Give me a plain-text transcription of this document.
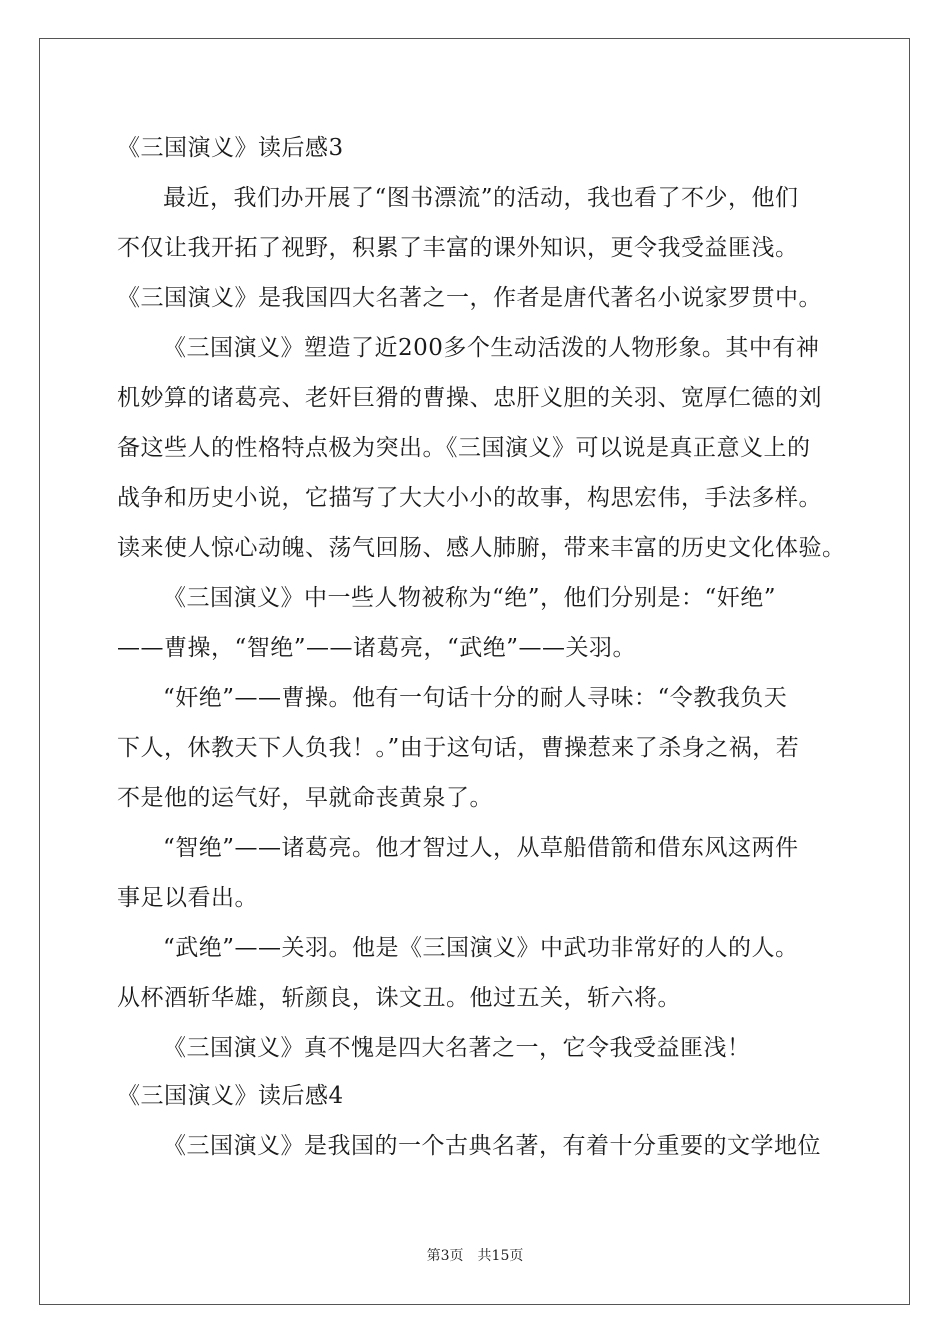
《三国演义》读后感3
最近，我们办开展了“图书漂流”的活动，我也看了不少，他们
不仅让我开拓了视野，积累了丰富的课外知识，更令我受益匪浅。
《三国演义》是我国四大名著之一，作者是唐代著名小说家罗贯中。
《三国演义》塑造了近200多个生动活泼的人物形象。其中有神
机妙算的诸葛亮、老奸巨猾的曹操、忠肝义胆的关羽、宽厚仁德的刘
备这些人的性格特点极为突出。《三国演义》可以说是真正意义上的
战争和历史小说，它描写了大大小小的故事，构思宏伟，手法多样。
读来使人惊心动魄、荡气回肠、感人肺腑，带来丰富的历史文化体验。
《三国演义》中一些人物被称为“绝”，他们分别是：“奸绝”
——曹操，“智绝”——诸葛亮，“武绝”——关羽。
“奸绝”——曹操。他有一句话十分的耐人寻味：“令教我负天
下人，休教天下人负我！。”由于这句话，曹操惹来了杀身之祸，若
不是他的运气好，早就命丧黄泉了。
“智绝”——诸葛亮。他才智过人，从草船借箭和借东风这两件
事足以看出。
“武绝”——关羽。他是《三国演义》中武功非常好的人的人。
从杯酒斩华雄，斩颜良，诛文丑。他过五关，斩六将。
《三国演义》真不愧是四大名著之一，它令我受益匪浅！
《三国演义》读后感4
《三国演义》是我国的一个古典名著，有着十分重要的文学地位
第3页　共15页
